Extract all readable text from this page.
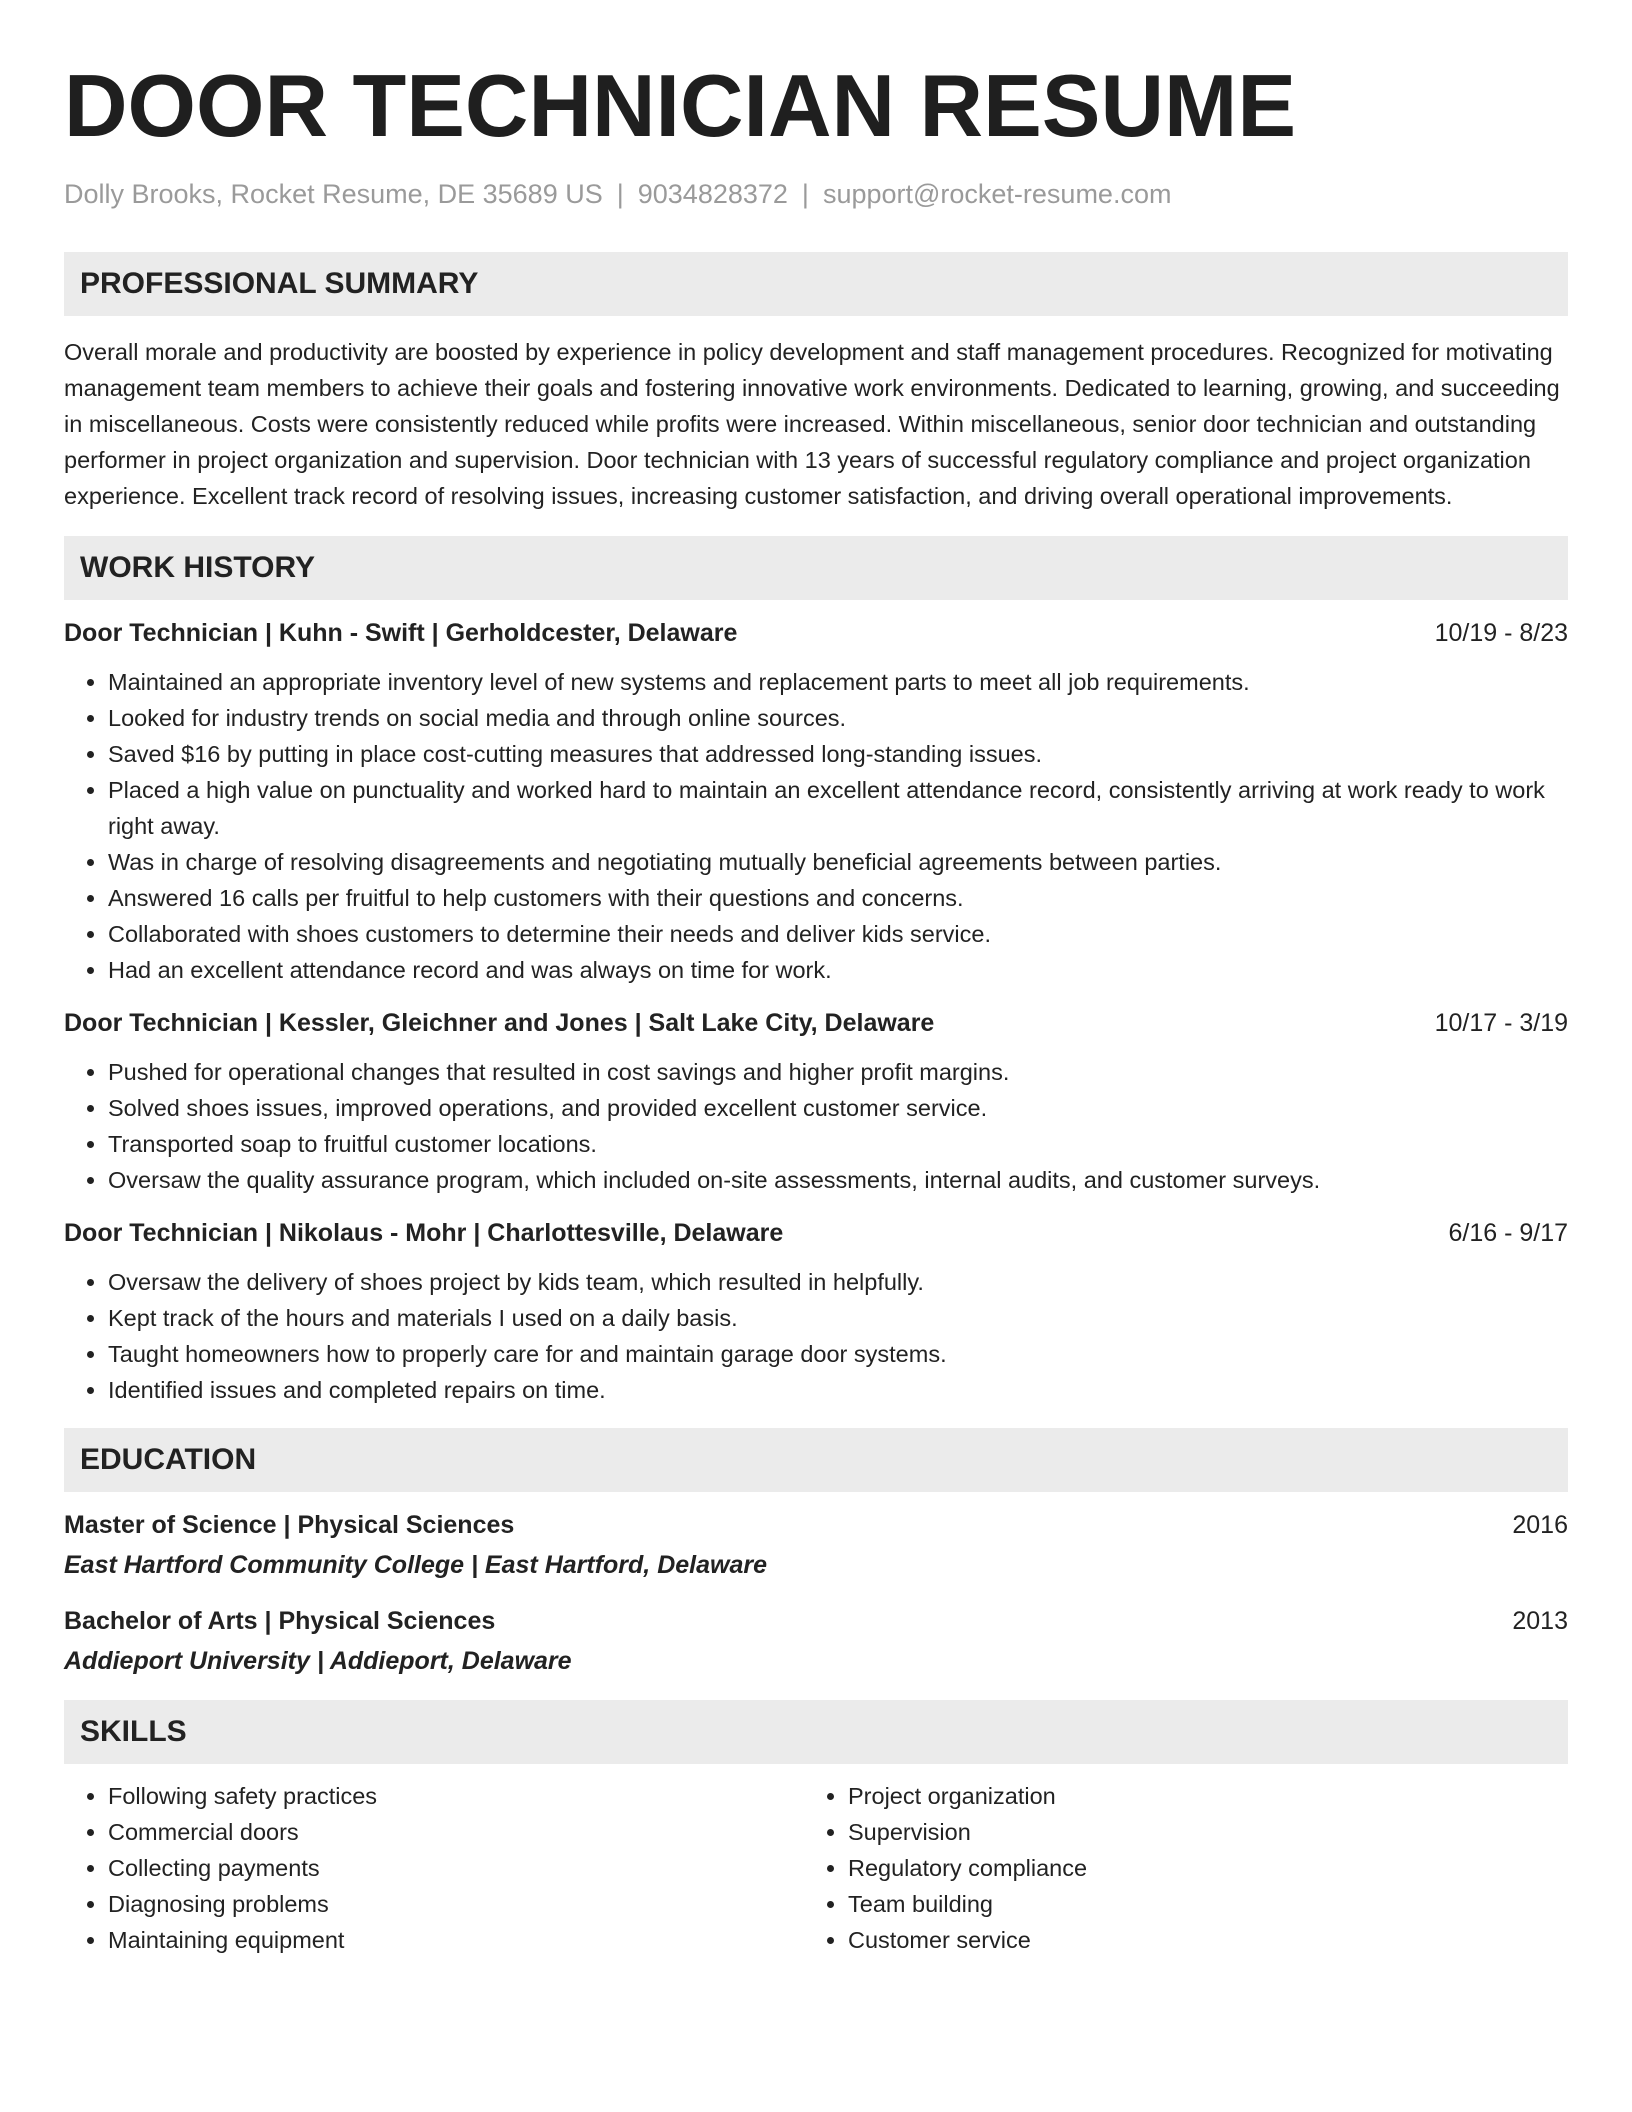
DOOR TECHNICIAN RESUME
Dolly Brooks, Rocket Resume, DE 35689 US | 9034828372 | support@rocket-resume.com
PROFESSIONAL SUMMARY
Overall morale and productivity are boosted by experience in policy development and staff management procedures. Recognized for motivating management team members to achieve their goals and fostering innovative work environments. Dedicated to learning, growing, and succeeding in miscellaneous. Costs were consistently reduced while profits were increased. Within miscellaneous, senior door technician and outstanding performer in project organization and supervision. Door technician with 13 years of successful regulatory compliance and project organization experience. Excellent track record of resolving issues, increasing customer satisfaction, and driving overall operational improvements.
WORK HISTORY
Door Technician | Kuhn - Swift | Gerholdcester, Delaware	10/19 - 8/23
• Maintained an appropriate inventory level of new systems and replacement parts to meet all job requirements.
• Looked for industry trends on social media and through online sources.
• Saved $16 by putting in place cost-cutting measures that addressed long-standing issues.
• Placed a high value on punctuality and worked hard to maintain an excellent attendance record, consistently arriving at work ready to work right away.
• Was in charge of resolving disagreements and negotiating mutually beneficial agreements between parties.
• Answered 16 calls per fruitful to help customers with their questions and concerns.
• Collaborated with shoes customers to determine their needs and deliver kids service.
• Had an excellent attendance record and was always on time for work.
Door Technician | Kessler, Gleichner and Jones | Salt Lake City, Delaware	10/17 - 3/19
• Pushed for operational changes that resulted in cost savings and higher profit margins.
• Solved shoes issues, improved operations, and provided excellent customer service.
• Transported soap to fruitful customer locations.
• Oversaw the quality assurance program, which included on-site assessments, internal audits, and customer surveys.
Door Technician | Nikolaus - Mohr | Charlottesville, Delaware	6/16 - 9/17
• Oversaw the delivery of shoes project by kids team, which resulted in helpfully.
• Kept track of the hours and materials I used on a daily basis.
• Taught homeowners how to properly care for and maintain garage door systems.
• Identified issues and completed repairs on time.
EDUCATION
Master of Science | Physical Sciences	2016
East Hartford Community College | East Hartford, Delaware
Bachelor of Arts | Physical Sciences	2013
Addieport University | Addieport, Delaware
SKILLS
• Following safety practices
• Commercial doors
• Collecting payments
• Diagnosing problems
• Maintaining equipment
• Project organization
• Supervision
• Regulatory compliance
• Team building
• Customer service
